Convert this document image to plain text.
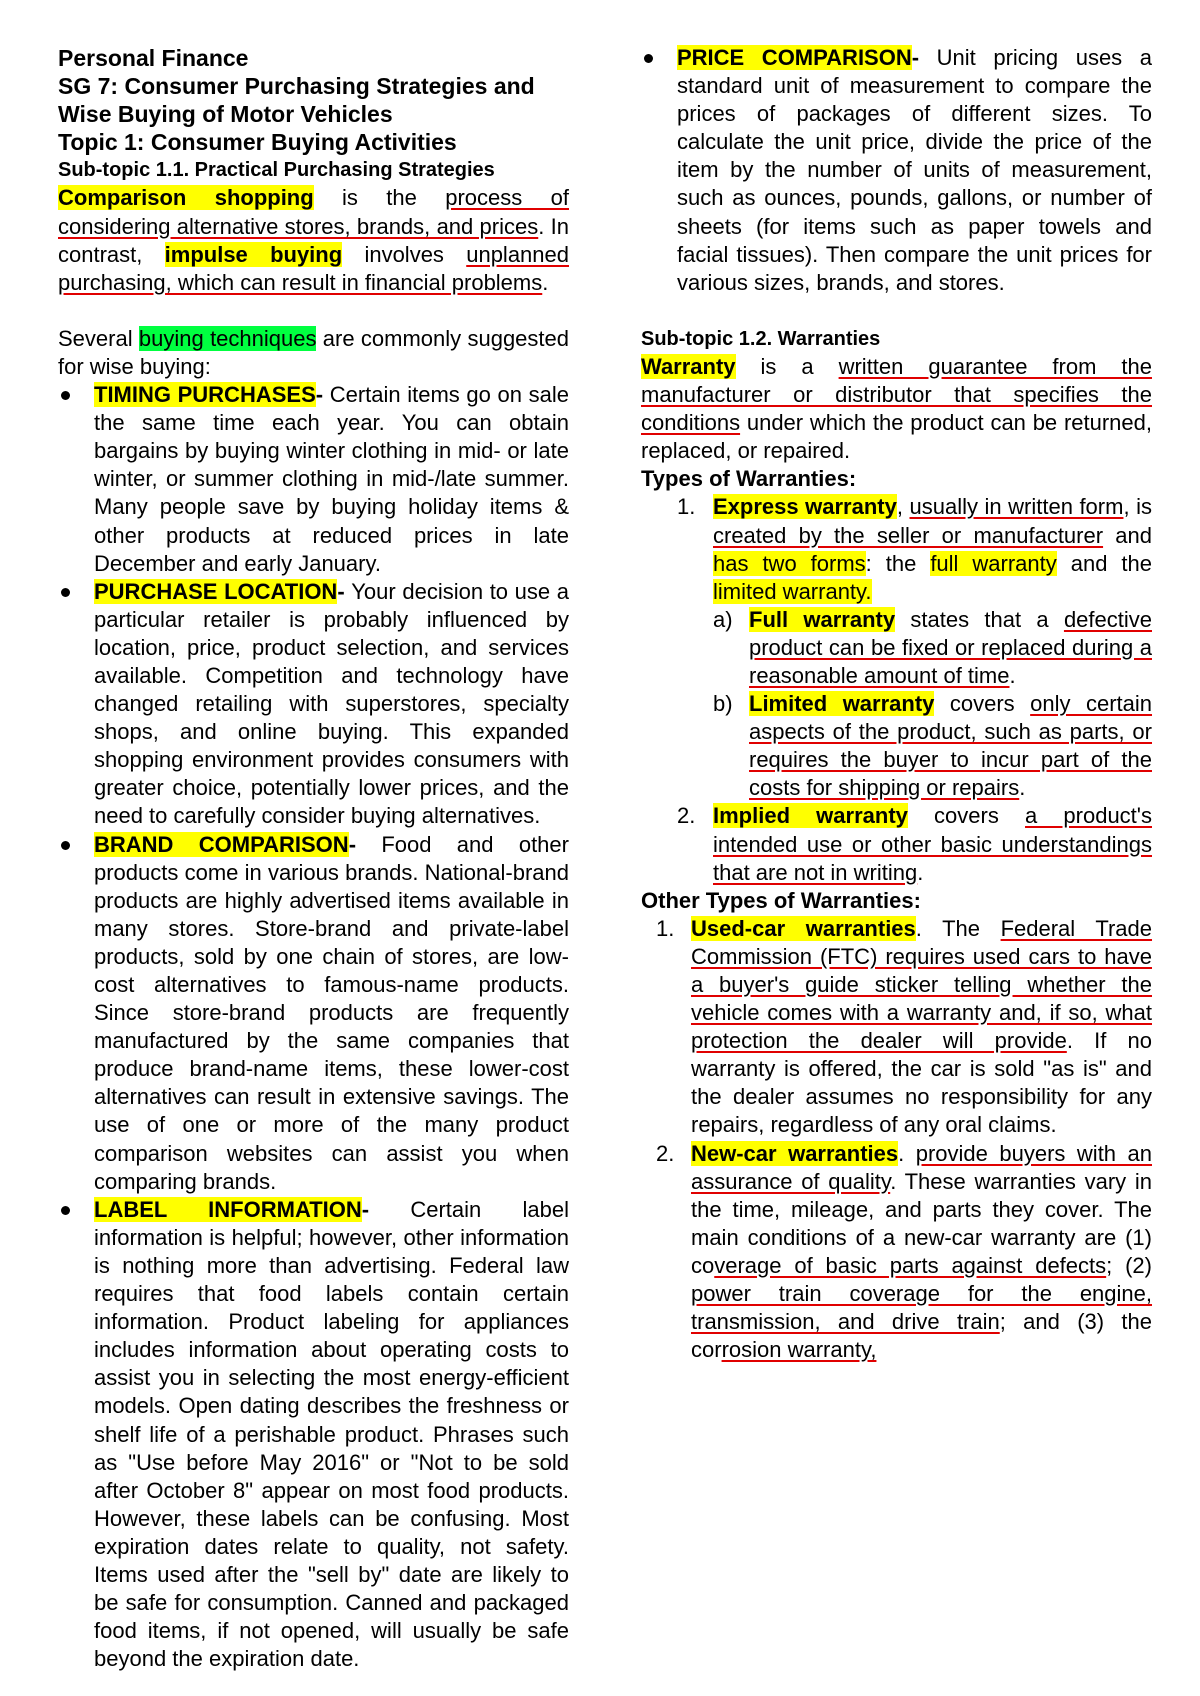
Personal Finance

SG 7: Consumer Purchasing Strategies and Wise Buying of Motor Vehicles

Topic 1: Consumer Buying Activities

Sub-topic 1.1. Practical Purchasing Strategies

Comparison shopping is the process of considering alternative stores, brands, and prices. In contrast, impulse buying involves unplanned purchasing, which can result in financial problems.

Several buying techniques are commonly suggested for wise buying:

TIMING PURCHASES- Certain items go on sale the same time each year. You can obtain bargains by buying winter clothing in mid- or late winter, or summer clothing in mid-/late summer. Many people save by buying holiday items & other products at reduced prices in late December and early January.
PURCHASE LOCATION- Your decision to use a particular retailer is probably influenced by location, price, product selection, and services available. Competition and technology have changed retailing with superstores, specialty shops, and online buying. This expanded shopping environment provides consumers with greater choice, potentially lower prices, and the need to carefully consider buying alternatives.
BRAND COMPARISON- Food and other products come in various brands. National-brand products are highly advertised items available in many stores. Store-brand and private-label products, sold by one chain of stores, are low-cost alternatives to famous-name products. Since store-brand products are frequently manufactured by the same companies that produce brand-name items, these lower-cost alternatives can result in extensive savings. The use of one or more of the many product comparison websites can assist you when comparing brands.
LABEL INFORMATION- Certain label information is helpful; however, other information is nothing more than advertising. Federal law requires that food labels contain certain information. Product labeling for appliances includes information about operating costs to assist you in selecting the most energy-efficient models. Open dating describes the freshness or shelf life of a perishable product. Phrases such as "Use before May 2016" or "Not to be sold after October 8" appear on most food products. However, these labels can be confusing. Most expiration dates relate to quality, not safety. Items used after the "sell by" date are likely to be safe for consumption. Canned and packaged food items, if not opened, will usually be safe beyond the expiration date.
PRICE COMPARISON- Unit pricing uses a standard unit of measurement to compare the prices of packages of different sizes. To calculate the unit price, divide the price of the item by the number of units of measurement, such as ounces, pounds, gallons, or number of sheets (for items such as paper towels and facial tissues). Then compare the unit prices for various sizes, brands, and stores.

Sub-topic 1.2. Warranties

Warranty is a written guarantee from the manufacturer or distributor that specifies the conditions under which the product can be returned, replaced, or repaired.

Types of Warranties:

1. Express warranty, usually in written form, is created by the seller or manufacturer and has two forms: the full warranty and the limited warranty.
a) Full warranty states that a defective product can be fixed or replaced during a reasonable amount of time.
b) Limited warranty covers only certain aspects of the product, such as parts, or requires the buyer to incur part of the costs for shipping or repairs.
2. Implied warranty covers a product's intended use or other basic understandings that are not in writing.

Other Types of Warranties:

1. Used-car warranties. The Federal Trade Commission (FTC) requires used cars to have a buyer's guide sticker telling whether the vehicle comes with a warranty and, if so, what protection the dealer will provide. If no warranty is offered, the car is sold "as is" and the dealer assumes no responsibility for any repairs, regardless of any oral claims.
2. New-car warranties. provide buyers with an assurance of quality. These warranties vary in the time, mileage, and parts they cover. The main conditions of a new-car warranty are (1) coverage of basic parts against defects; (2) power train coverage for the engine, transmission, and drive train; and (3) the corrosion warranty,
